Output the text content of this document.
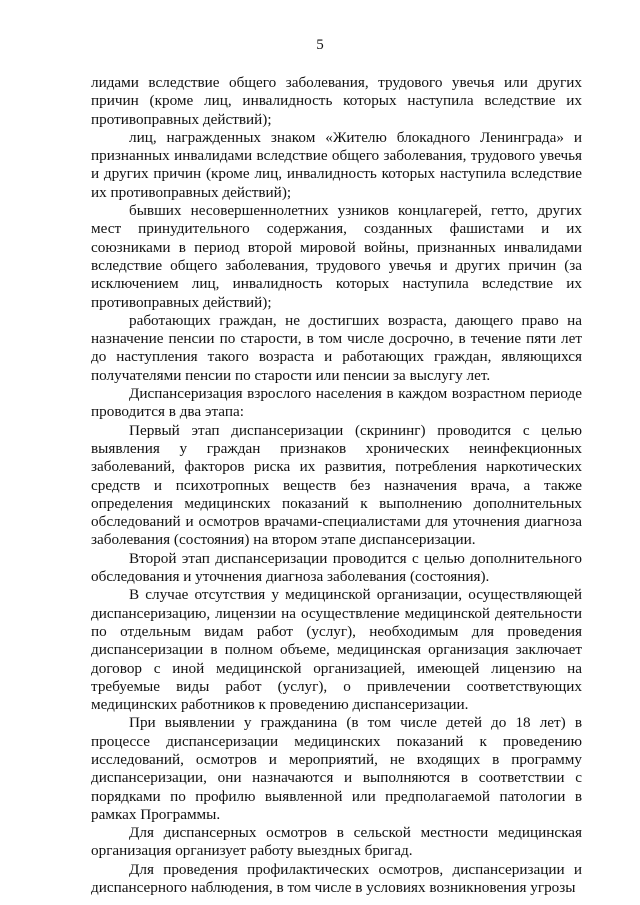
5

лидами вследствие общего заболевания, трудового увечья или других причин (кроме лиц, инвалидность которых наступила вследствие их противоправных действий);

лиц, награжденных знаком «Жителю блокадного Ленинграда» и признанных инвалидами вследствие общего заболевания, трудового увечья и других причин (кроме лиц, инвалидность которых наступила вследствие их противоправных действий);

бывших несовершеннолетних узников концлагерей, гетто, других мест принудительного содержания, созданных фашистами и их союзниками в период второй мировой войны, признанных инвалидами вследствие общего заболевания, трудового увечья и других причин (за исключением лиц, инвалидность которых наступила вследствие их противоправных действий);

работающих граждан, не достигших возраста, дающего право на назначение пенсии по старости, в том числе досрочно, в течение пяти лет до наступления такого возраста и работающих граждан, являющихся получателями пенсии по старости или пенсии за выслугу лет.

Диспансеризация взрослого населения в каждом возрастном периоде проводится в два этапа:

Первый этап диспансеризации (скрининг) проводится с целью выявления у граждан признаков хронических неинфекционных заболеваний, факторов риска их развития, потребления наркотических средств и психотропных веществ без назначения врача, а также определения медицинских показаний к выполнению дополнительных обследований и осмотров врачами-специалистами для уточнения диагноза заболевания (состояния) на втором этапе диспансеризации.

Второй этап диспансеризации проводится с целью дополнительного обследования и уточнения диагноза заболевания (состояния).

В случае отсутствия у медицинской организации, осуществляющей диспансеризацию, лицензии на осуществление медицинской деятельности по отдельным видам работ (услуг), необходимым для проведения диспансеризации в полном объеме, медицинская организация заключает договор с иной медицинской организацией, имеющей лицензию на требуемые виды работ (услуг), о привлечении соответствующих медицинских работников к проведению диспансеризации.

При выявлении у гражданина (в том числе детей до 18 лет) в процессе диспансеризации медицинских показаний к проведению исследований, осмотров и мероприятий, не входящих в программу диспансеризации, они назначаются и выполняются в соответствии с порядками по профилю выявленной или предполагаемой патологии в рамках Программы.

Для диспансерных осмотров в сельской местности медицинская организация организует работу выездных бригад.

Для проведения профилактических осмотров, диспансеризации и диспансерного наблюдения, в том числе в условиях возникновения угрозы
